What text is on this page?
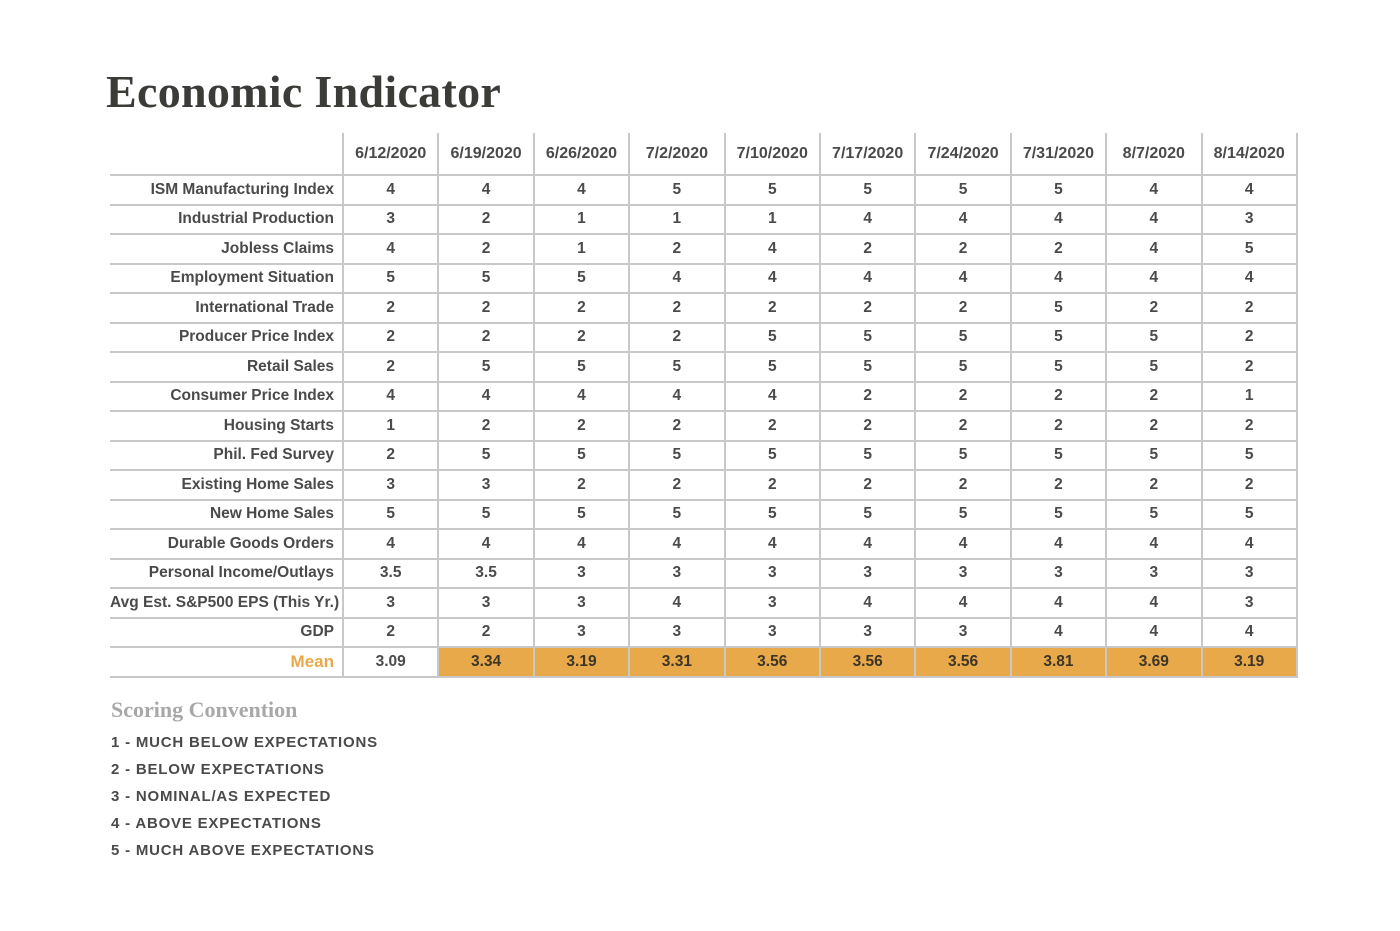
Economic Indicator
	6/12/2020	6/19/2020	6/26/2020	7/2/2020	7/10/2020	7/17/2020	7/24/2020	7/31/2020	8/7/2020	8/14/2020
ISM Manufacturing Index	4	4	4	5	5	5	5	5	4	4
Industrial Production	3	2	1	1	1	4	4	4	4	3
Jobless Claims	4	2	1	2	4	2	2	2	4	5
Employment Situation	5	5	5	4	4	4	4	4	4	4
International Trade	2	2	2	2	2	2	2	5	2	2
Producer Price Index	2	2	2	2	5	5	5	5	5	2
Retail Sales	2	5	5	5	5	5	5	5	5	2
Consumer Price Index	4	4	4	4	4	2	2	2	2	1
Housing Starts	1	2	2	2	2	2	2	2	2	2
Phil. Fed Survey	2	5	5	5	5	5	5	5	5	5
Existing Home Sales	3	3	2	2	2	2	2	2	2	2
New Home Sales	5	5	5	5	5	5	5	5	5	5
Durable Goods Orders	4	4	4	4	4	4	4	4	4	4
Personal Income/Outlays	3.5	3.5	3	3	3	3	3	3	3	3
Avg Est. S&P500 EPS (This Yr.)	3	3	3	4	3	4	4	4	4	3
GDP	2	2	3	3	3	3	3	4	4	4
Mean	3.09	3.34	3.19	3.31	3.56	3.56	3.56	3.81	3.69	3.19
Scoring Convention
1 - MUCH BELOW EXPECTATIONS
2 - BELOW EXPECTATIONS
3 - NOMINAL/AS EXPECTED
4 - ABOVE EXPECTATIONS
5 - MUCH ABOVE EXPECTATIONS
